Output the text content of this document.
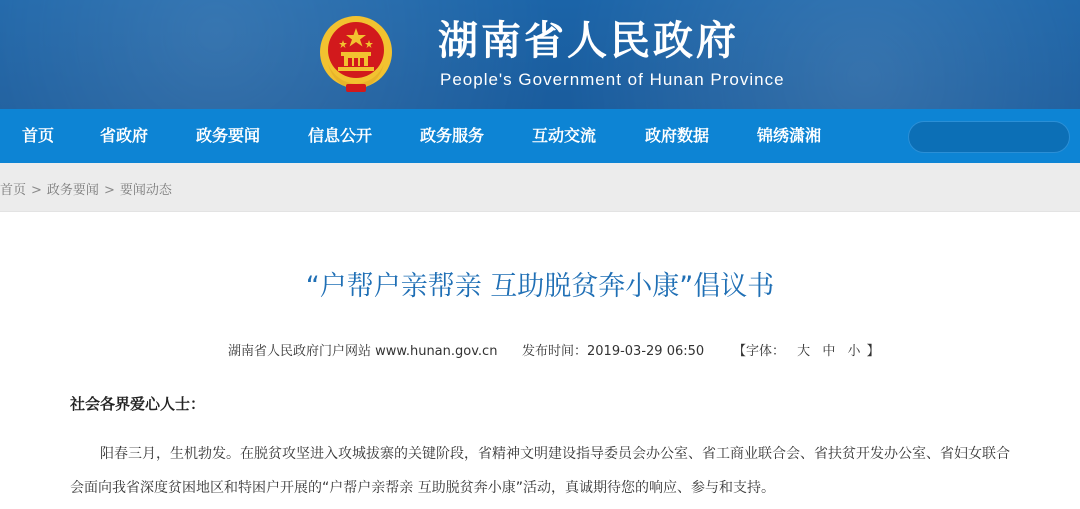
湖南省人民政府
People's Government of Hunan Province
首页	省政府	政务要闻	信息公开	政务服务	互动交流	政府数据	锦绣潇湘
首页 > 政务要闻 > 要闻动态
“户帮户亲帮亲 互助脱贫奔小康”倡议书
湖南省人民政府门户网站 www.hunan.gov.cn 发布时间：2019-03-29 06:50 【字体： 大 中 小 】
社会各界爱心人士：
阳春三月，生机勃发。在脱贫攻坚进入攻城拔寨的关键阶段，省精神文明建设指导委员会办公室、省工商业联合会、省扶贫开发办公室、省妇女联合会面向我省深度贫困地区和特困户开展的“户帮户亲帮亲 互助脱贫奔小康”活动，真诚期待您的响应、参与和支持。
